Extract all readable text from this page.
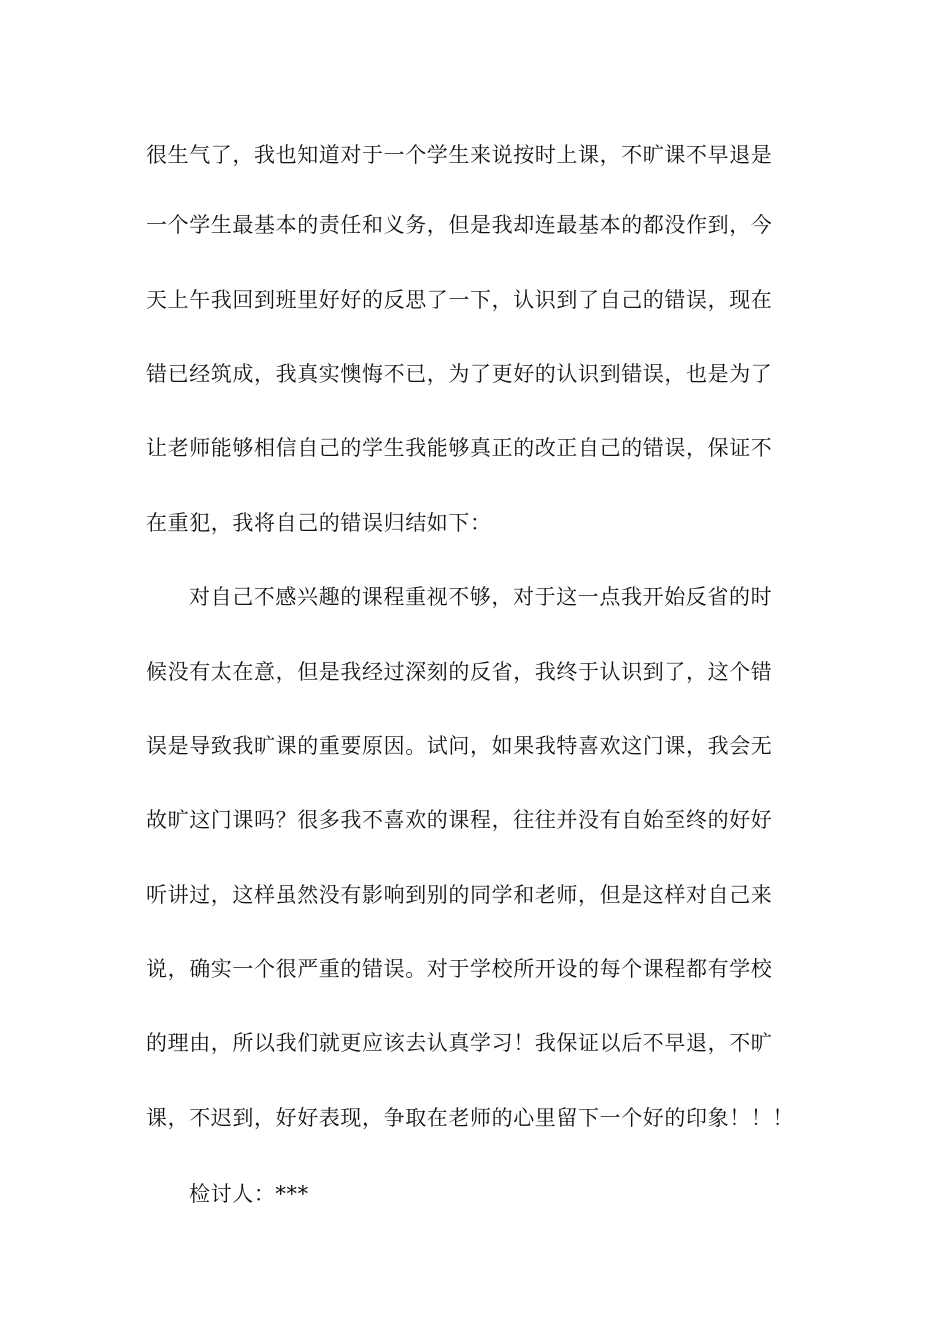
很生气了，我也知道对于一个学生来说按时上课，不旷课不早退是
一个学生最基本的责任和义务，但是我却连最基本的都没作到，今
天上午我回到班里好好的反思了一下，认识到了自己的错误，现在
错已经筑成，我真实懊悔不已，为了更好的认识到错误，也是为了
让老师能够相信自己的学生我能够真正的改正自己的错误，保证不
在重犯，我将自己的错误归结如下：
对自己不感兴趣的课程重视不够，对于这一点我开始反省的时
候没有太在意，但是我经过深刻的反省，我终于认识到了，这个错
误是导致我旷课的重要原因。试问，如果我特喜欢这门课，我会无
故旷这门课吗？很多我不喜欢的课程，往往并没有自始至终的好好
听讲过，这样虽然没有影响到别的同学和老师，但是这样对自己来
说，确实一个很严重的错误。对于学校所开设的每个课程都有学校
的理由，所以我们就更应该去认真学习！我保证以后不早退，不旷
课，不迟到，好好表现，争取在老师的心里留下一个好的印象！！！
检讨人：***
